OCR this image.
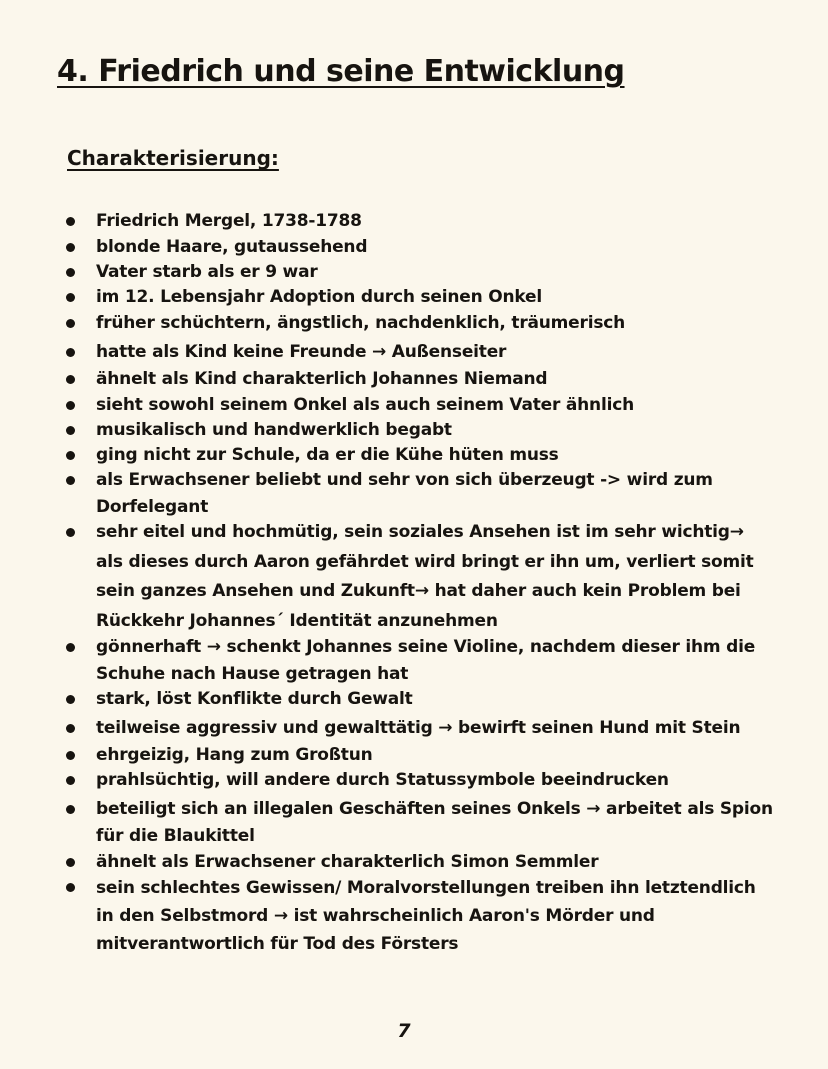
4. Friedrich und seine Entwicklung
Charakterisierung:
Friedrich Mergel, 1738-1788
blonde Haare, gutaussehend
Vater starb als er 9 war
im 12. Lebensjahr Adoption durch seinen Onkel
früher schüchtern, ängstlich, nachdenklich, träumerisch
hatte als Kind keine Freunde → Außenseiter
ähnelt als Kind charakterlich Johannes Niemand
sieht sowohl seinem Onkel als auch seinem Vater ähnlich
musikalisch und handwerklich begabt
ging nicht zur Schule, da er die Kühe hüten muss
als Erwachsener beliebt und sehr von sich überzeugt -> wird zum Dorfelegant
sehr eitel und hochmütig, sein soziales Ansehen ist im sehr wichtig→ als dieses durch Aaron gefährdet wird bringt er ihn um, verliert somit sein ganzes Ansehen und Zukunft→ hat daher auch kein Problem bei Rückkehr Johannes´ Identität anzunehmen
gönnerhaft → schenkt Johannes seine Violine, nachdem dieser ihm die Schuhe nach Hause getragen hat
stark, löst Konflikte durch Gewalt
teilweise aggressiv und gewalttätig → bewirft seinen Hund mit Stein
ehrgeizig, Hang zum Großtun
prahlsüchtig, will andere durch Statussymbole beeindrucken
beteiligt sich an illegalen Geschäften seines Onkels → arbeitet als Spion für die Blaukittel
ähnelt als Erwachsener charakterlich Simon Semmler
sein schlechtes Gewissen/ Moralvorstellungen treiben ihn letztendlich in den Selbstmord → ist wahrscheinlich Aaron's Mörder und mitverantwortlich für Tod des Försters
7
